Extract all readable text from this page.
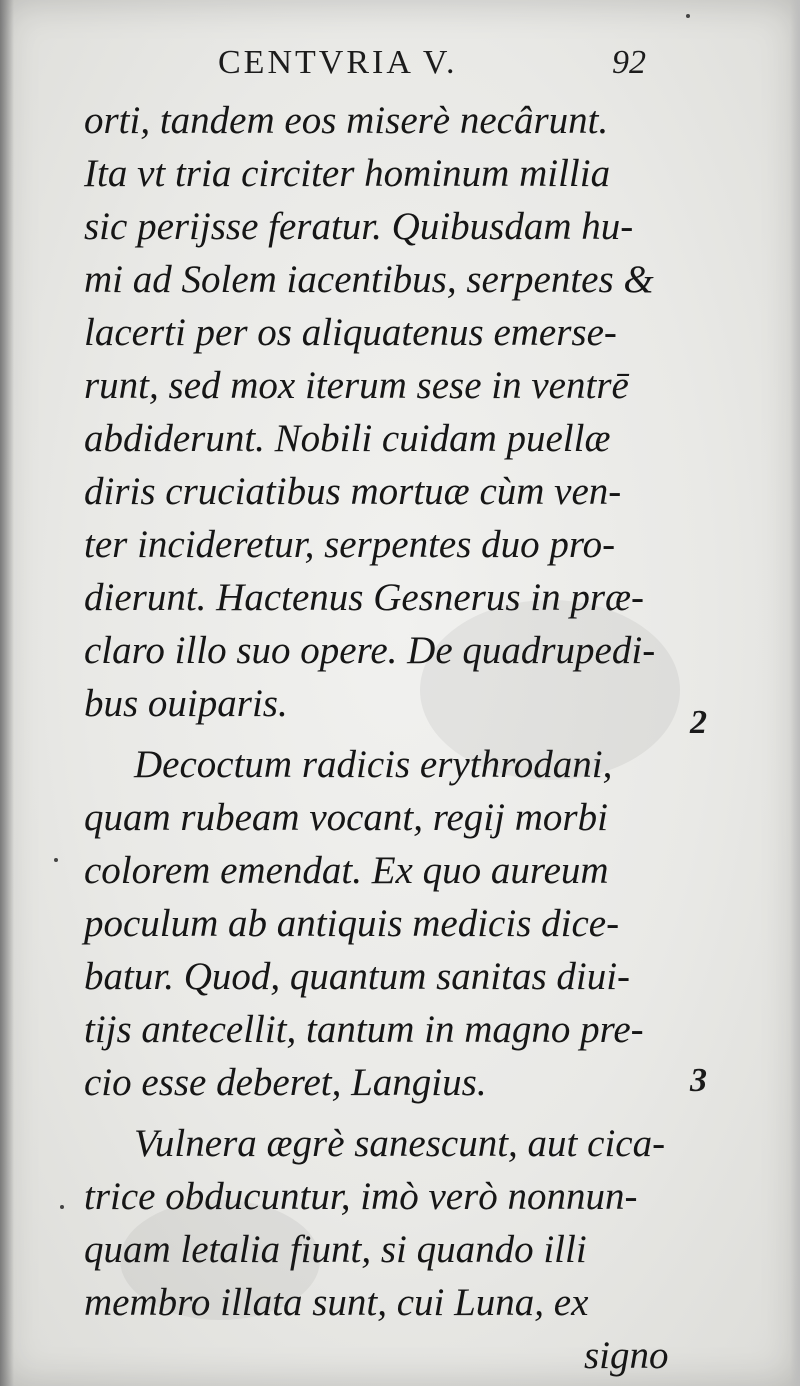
CENTVRIA V.	92
orti, tandem eos miserè necârunt.
Ita vt tria circiter hominum millia
sic perijsse feratur. Quibusdam hu-
mi ad Solem iacentibus, serpentes &
lacerti per os aliquatenus emerse-
runt, sed mox iterum sese in ventrē
abdiderunt. Nobili cuidam puellæ
diris cruciatibus mortuæ cùm ven-
ter incideretur, serpentes duo pro-
dierunt. Hactenus Gesnerus in præ-
claro illo suo opere. De quadrupedi-
bus ouiparis.
Decoctum radicis erythrodani,
quam rubeam vocant, regij morbi
colorem emendat. Ex quo aureum
poculum ab antiquis medicis dice-
batur. Quod, quantum sanitas diui-
tijs antecellit, tantum in magno pre-
cio esse deberet, Langius.
Vulnera ægrè sanescunt, aut cica-
trice obducuntur, imò verò nonnun-
quam letalia fiunt, si quando illi
membro illata sunt, cui Luna, ex
signo
2
3
